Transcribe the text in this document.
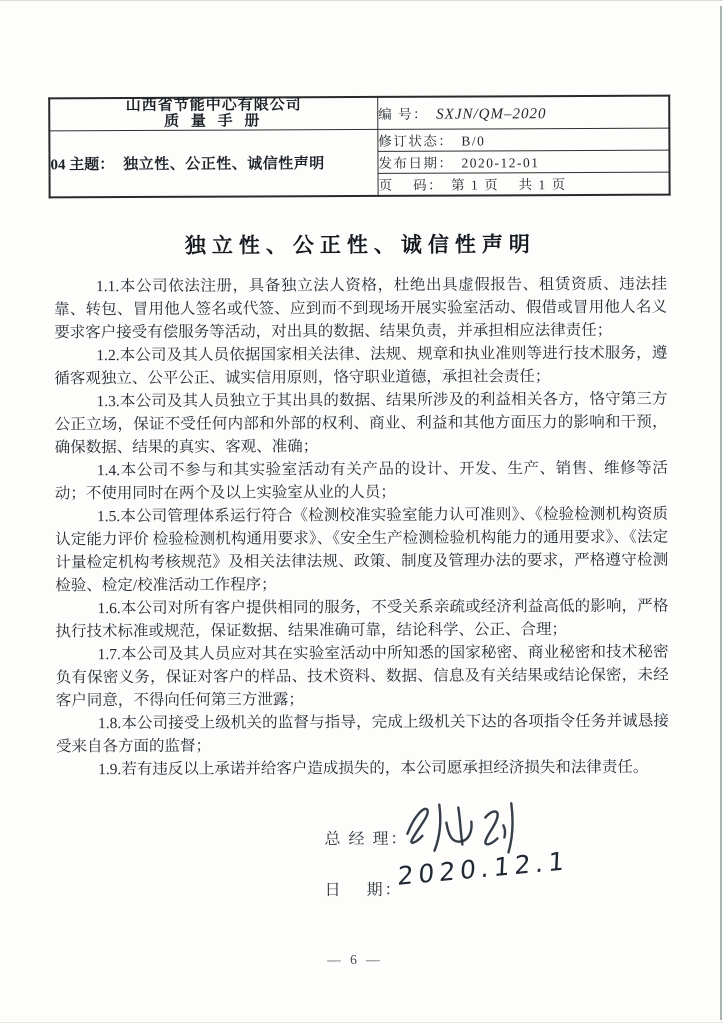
山西省节能中心有限公司
质 量 手 册	编 号： SXJN/QM–2020
04 主题： 独立性、公正性、诚信性声明	修订状态： B/0
	发布日期： 2020-12-01
	页    码： 第 1 页    共 1 页
独立性、公正性、诚信性声明

1.1.本公司依法注册，具备独立法人资格，杜绝出具虚假报告、租赁资质、违法挂靠、转包、冒用他人签名或代签、应到而不到现场开展实验室活动、假借或冒用他人名义要求客户接受有偿服务等活动，对出具的数据、结果负责，并承担相应法律责任；

1.2.本公司及其人员依据国家相关法律、法规、规章和执业准则等进行技术服务，遵循客观独立、公平公正、诚实信用原则，恪守职业道德，承担社会责任；

1.3.本公司及其人员独立于其出具的数据、结果所涉及的利益相关各方，恪守第三方公正立场，保证不受任何内部和外部的权利、商业、利益和其他方面压力的影响和干预，确保数据、结果的真实、客观、准确；

1.4.本公司不参与和其实验室活动有关产品的设计、开发、生产、销售、维修等活动；不使用同时在两个及以上实验室从业的人员；

1.5.本公司管理体系运行符合《检测校准实验室能力认可准则》、《检验检测机构资质认定能力评价 检验检测机构通用要求》、《安全生产检测检验机构能力的通用要求》、《法定计量检定机构考核规范》及相关法律法规、政策、制度及管理办法的要求，严格遵守检测检验、检定/校准活动工作程序；

1.6.本公司对所有客户提供相同的服务，不受关系亲疏或经济利益高低的影响，严格执行技术标准或规范，保证数据、结果准确可靠，结论科学、公正、合理；

1.7.本公司及其人员应对其在实验室活动中所知悉的国家秘密、商业秘密和技术秘密负有保密义务，保证对客户的样品、技术资料、数据、信息及有关结果或结论保密，未经客户同意，不得向任何第三方泄露；

1.8.本公司接受上级机关的监督与指导，完成上级机关下达的各项指令任务并诚恳接受来自各方面的监督；

1.9.若有违反以上承诺并给客户造成损失的，本公司愿承担经济损失和法律责任。

总 经 理：
日    期：
2020.12.1
— 6 —
